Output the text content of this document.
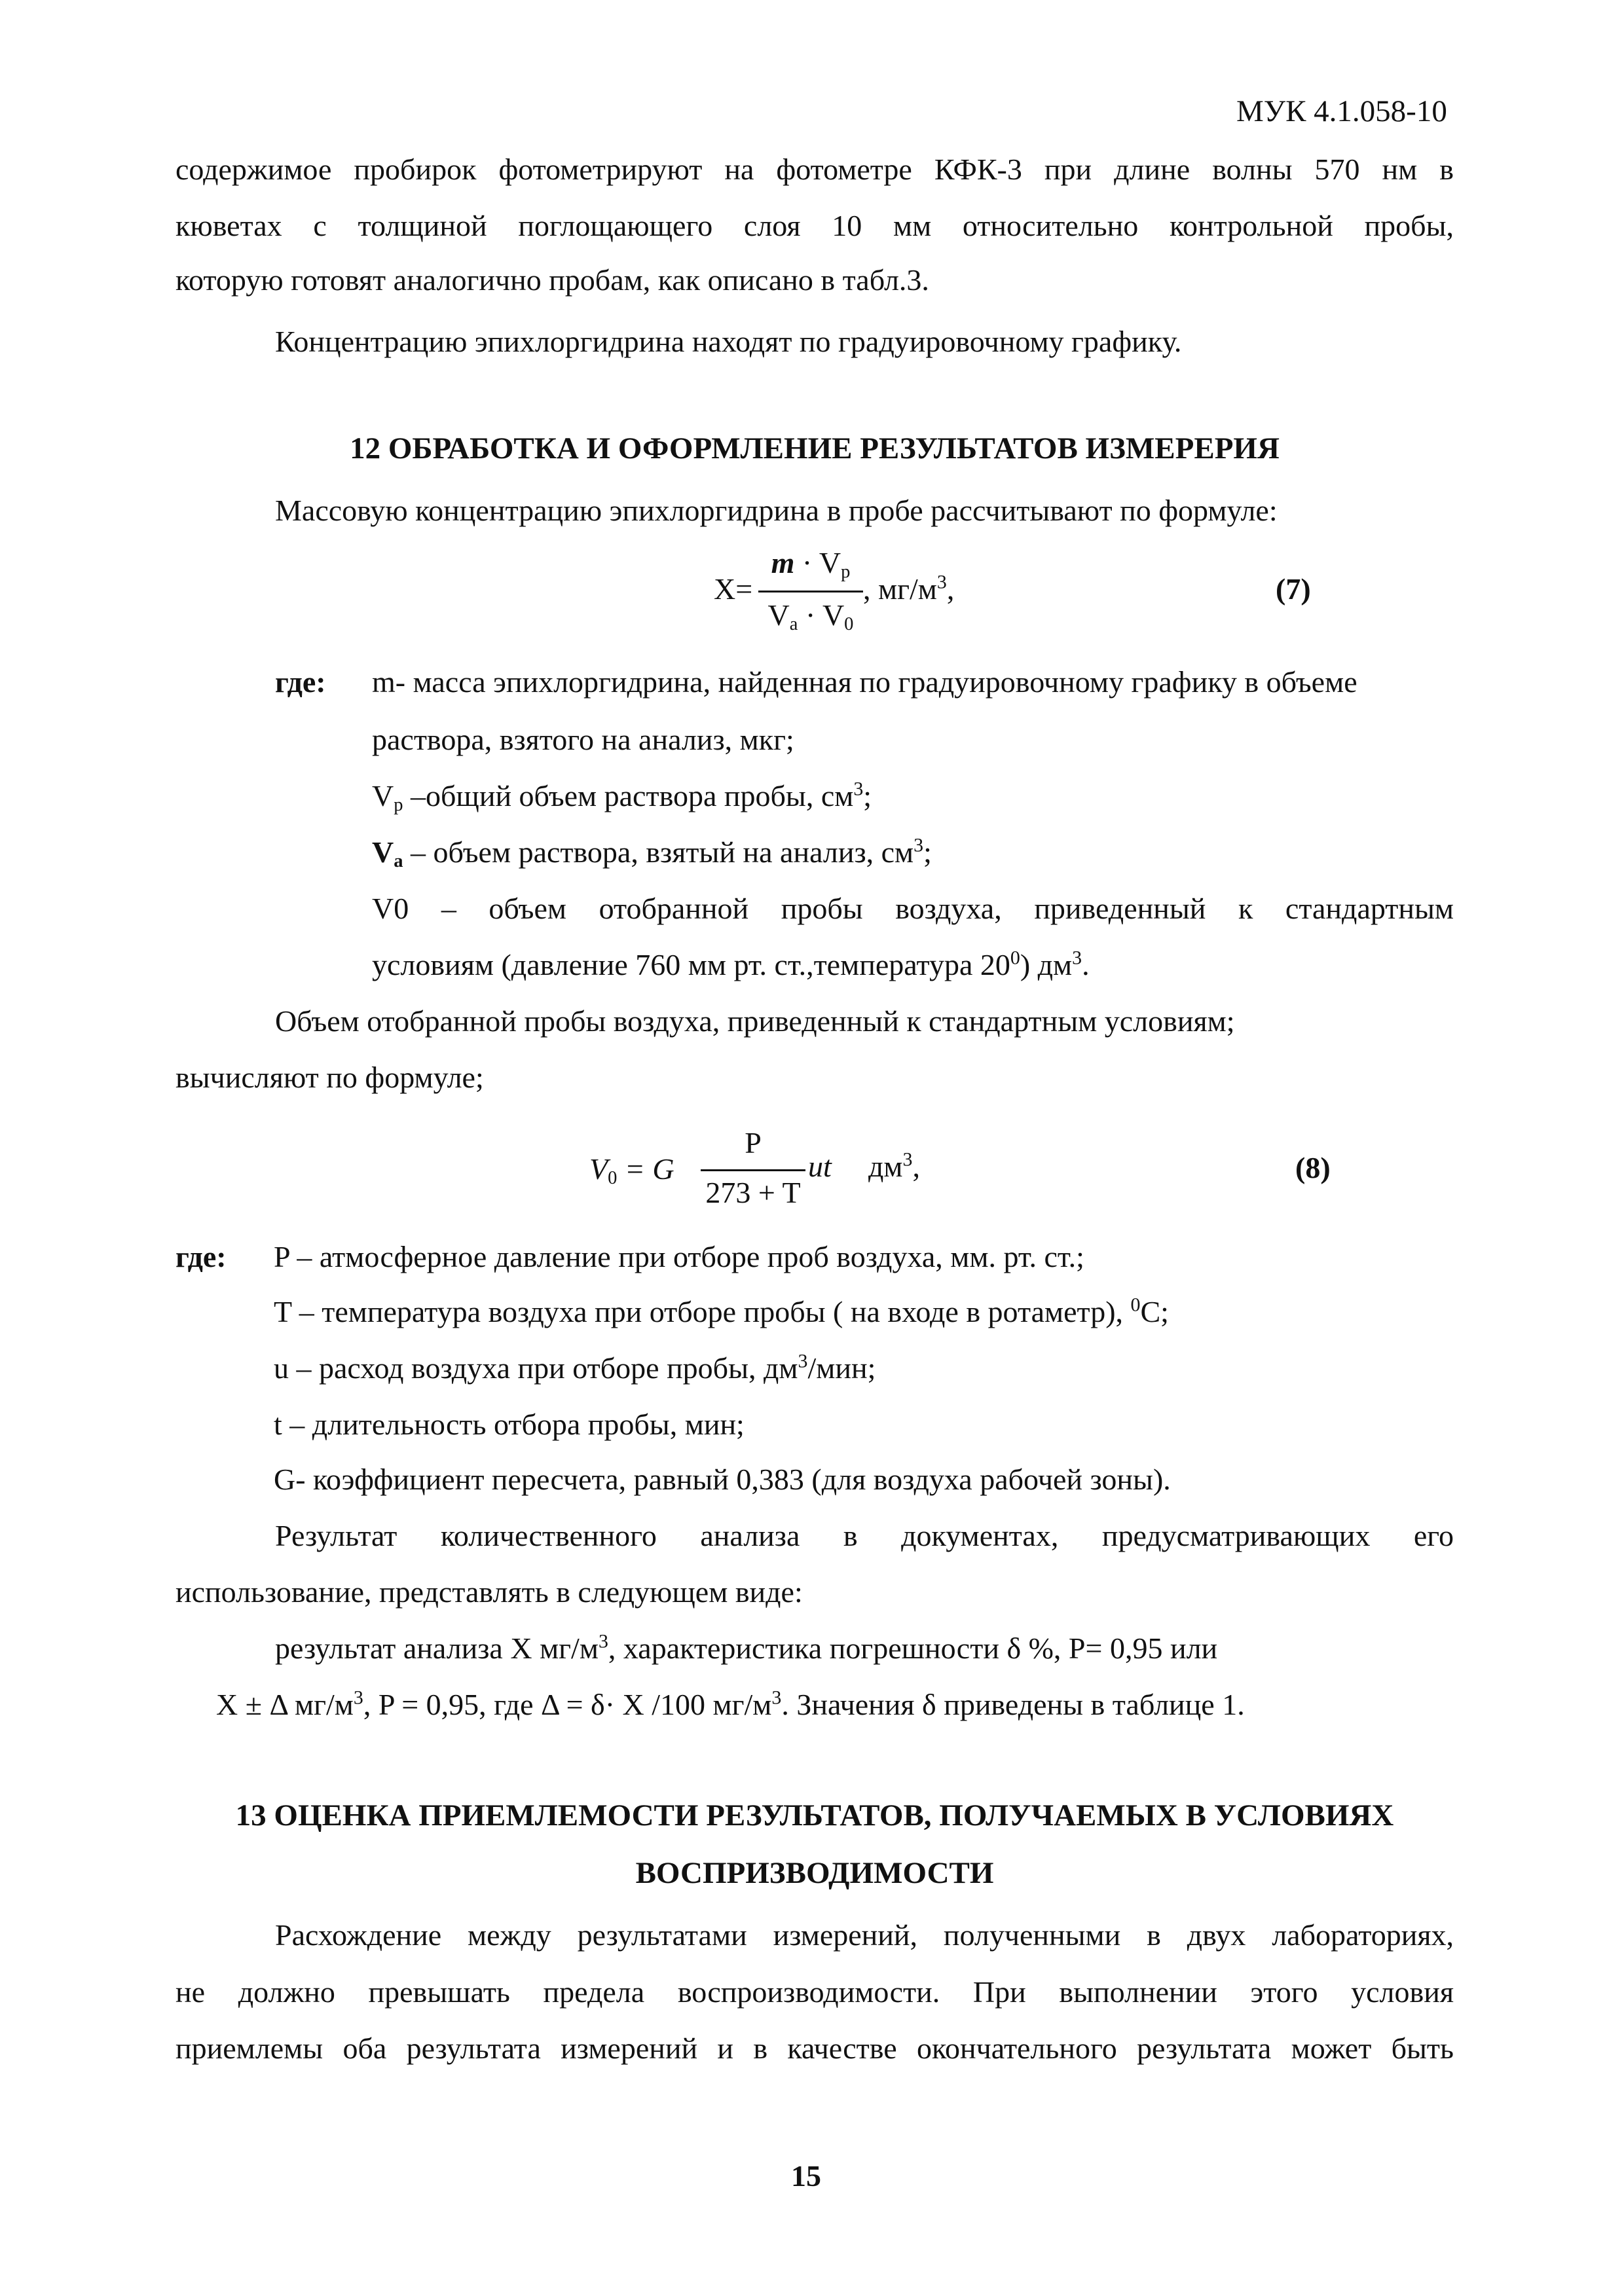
МУК 4.1.058-10
содержимое пробирок фотометрируют на фотометре КФК-3 при длине волны 570 нм в
кюветах с толщиной поглощающего слоя 10 мм относительно контрольной пробы,
которую готовят аналогично пробам, как описано в табл.3.
Концентрацию эпихлоргидрина находят по градуировочному графику.
12 ОБРАБОТКА И ОФОРМЛЕНИЕ РЕЗУЛЬТАТОВ ИЗМЕРЕРИЯ
Массовую концентрацию эпихлоргидрина в пробе рассчитывают по формуле:
X=
$m \cdot V_p$
$V_a \cdot V_0$
, $мг/м^3$,	(7)
где: m- масса эпихлоргидрина, найденная по градуировочному графику в объеме
раствора, взятого на анализ, мкг;
$V_p$ –общий объем раствора пробы, $см^3$;
$V_a$ – объем раствора, взятый на анализ, $см^3$;
V0 – объем отобранной пробы воздуха, приведенный к стандартным
условиям (давление 760 мм рт. ст.,температура $20^0$) $дм^3$.
Объем отобранной пробы воздуха, приведенный к стандартным условиям;
вычисляют по формуле;
$V_0 = G$
P
273 + T
ut $дм^3$,	(8)
где: P – атмосферное давление при отборе проб воздуха, мм. рт. ст.;
T – температура воздуха при отборе пробы ( на входе в ротаметр), $^0$С;
u – расход воздуха при отборе пробы, $дм^3$/мин;
t – длительность отбора пробы, мин;
G- коэффициент пересчета, равный 0,383 (для воздуха рабочей зоны).
Результат количественного анализа в документах, предусматривающих его
использование, представлять в следующем виде:
результат анализа X $мг/м^3$, характеристика погрешности δ %, Р= 0,95 или
X ± Δ $мг/м^3$, P = 0,95, где Δ = δ· X /100 $мг/м^3$. Значения δ приведены в таблице 1.
13 ОЦЕНКА ПРИЕМЛЕМОСТИ РЕЗУЛЬТАТОВ, ПОЛУЧАЕМЫХ В УСЛОВИЯХ
ВОСПРИЗВОДИМОСТИ
Расхождение между результатами измерений, полученными в двух лабораториях,
не должно превышать предела воспроизводимости. При выполнении этого условия
приемлемы оба результата измерений и в качестве окончательного результата может быть
15
